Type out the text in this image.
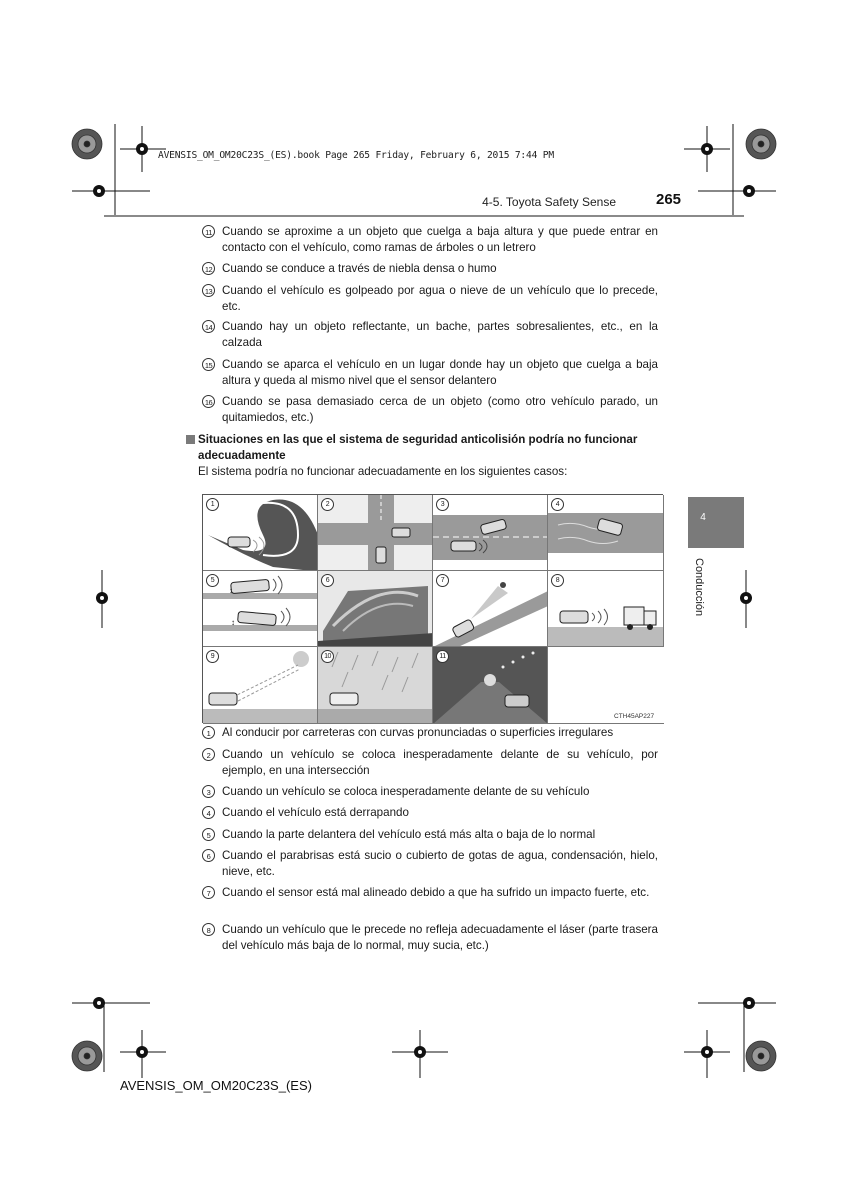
AVENSIS_OM_OM20C23S_(ES).book Page 265 Friday, February 6, 2015 7:44 PM
4-5. Toyota Safety Sense	265
4
Conducción
11 Cuando se aproxime a un objeto que cuelga a baja altura y que puede entrar en contacto con el vehículo, como ramas de árboles o un letrero
12 Cuando se conduce a través de niebla densa o humo
13 Cuando el vehículo es golpeado por agua o nieve de un vehículo que lo precede, etc.
14 Cuando hay un objeto reflectante, un bache, partes sobresalientes, etc., en la calzada
15 Cuando se aparca el vehículo en un lugar donde hay un objeto que cuelga a baja altura y queda al mismo nivel que el sensor delantero
16 Cuando se pasa demasiado cerca de un objeto (como otro vehículo parado, un quitamiedos, etc.)
Situaciones en las que el sistema de seguridad anticolisión podría no funcionar adecuadamente
El sistema podría no funcionar adecuadamente en los siguientes casos:
1	2	3	4
5
↕
↕
6	7	8
9	10	11
CTH45AP227
1	Al conducir por carreteras con curvas pronunciadas o superficies irregulares
2	Cuando un vehículo se coloca inesperadamente delante de su vehículo, por ejemplo, en una intersección
3	Cuando un vehículo se coloca inesperadamente delante de su vehículo
4	Cuando el vehículo está derrapando
5	Cuando la parte delantera del vehículo está más alta o baja de lo normal
6	Cuando el parabrisas está sucio o cubierto de gotas de agua, condensación, hielo, nieve, etc.
7	Cuando el sensor está mal alineado debido a que ha sufrido un impacto fuerte, etc.
8	Cuando un vehículo que le precede no refleja adecuadamente el láser (parte trasera del vehículo más baja de lo normal, muy sucia, etc.)
AVENSIS_OM_OM20C23S_(ES)
